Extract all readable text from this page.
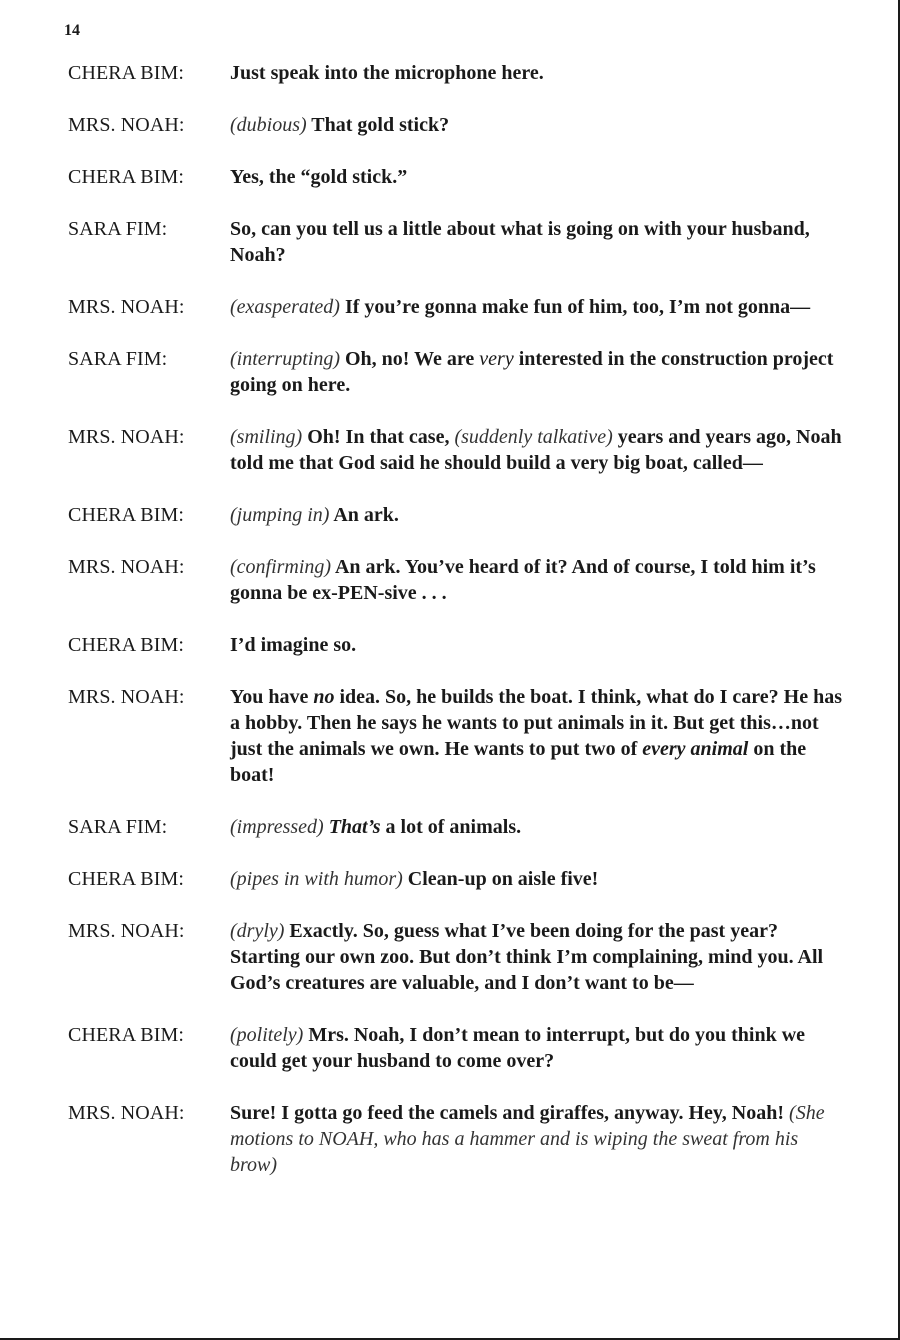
14
CHERA BIM:	Just speak into the microphone here.
MRS. NOAH:	(dubious) That gold stick?
CHERA BIM:	Yes, the “gold stick.”
SARA FIM:	So, can you tell us a little about what is going on with your husband, Noah?
MRS. NOAH:	(exasperated) If you’re gonna make fun of him, too, I’m not gonna—
SARA FIM:	(interrupting) Oh, no! We are very interested in the construction project going on here.
MRS. NOAH:	(smiling) Oh! In that case, (suddenly talkative) years and years ago, Noah told me that God said he should build a very big boat, called—
CHERA BIM:	(jumping in) An ark.
MRS. NOAH:	(confirming) An ark. You’ve heard of it? And of course, I told him it’s gonna be ex-PEN-sive . . .
CHERA BIM:	I’d imagine so.
MRS. NOAH:	You have no idea. So, he builds the boat. I think, what do I care? He has a hobby. Then he says he wants to put animals in it. But get this…not just the animals we own. He wants to put two of every animal on the boat!
SARA FIM:	(impressed) That’s a lot of animals.
CHERA BIM:	(pipes in with humor) Clean-up on aisle five!
MRS. NOAH:	(dryly) Exactly. So, guess what I’ve been doing for the past year? Starting our own zoo. But don’t think I’m complaining, mind you. All God’s creatures are valuable, and I don’t want to be—
CHERA BIM:	(politely) Mrs. Noah, I don’t mean to interrupt, but do you think we could get your husband to come over?
MRS. NOAH:	Sure! I gotta go feed the camels and giraffes, anyway. Hey, Noah! (She motions to NOAH, who has a hammer and is wiping the sweat from his brow)
